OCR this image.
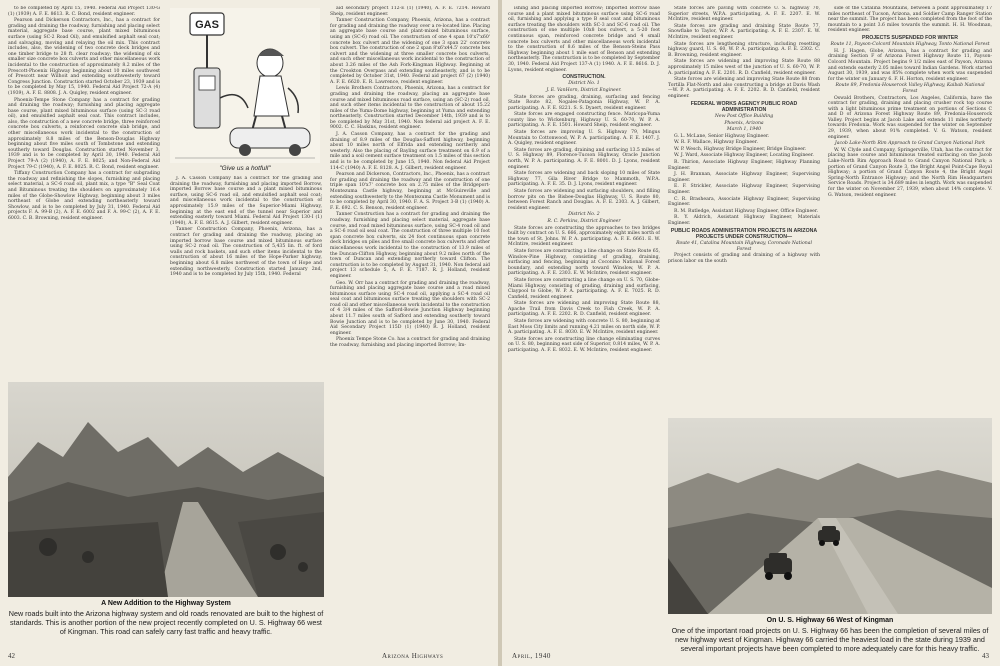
to be completed by April 15, 1940. Federal Aid Project 130-G (1) (1939) A. F. E. 8613. R. C. Bond, resident engineer.

Pearson and Dickerson Contractors, Inc., has a contract for grading and draining the roadway, furnishing and placing select material, aggregate base course, plant mixed bituminous surface (using SC-2 Road Oil), and emulsified asphalt seal coat; and salvaging, moving and relaying the oil mix. This contract includes, also, the widening of two concrete deck bridges and one timber bridge to 28 ft. clear roadway; the widening of six smaller size concrete box culverts and other miscellaneous work incidental to the construction of approximately 8.2 miles of the Prescott-Phoenix Highway beginning about 10 miles southwest of Prescott near Wilhoit and extending southwesterly toward Congress Junction. Construction started October 23, 1939 and is to be completed by May 15, 1940. Federal Aid Project 72-A (4) (1939), A. F. E. 8808. J. A. Quigley, resident engineer.

Phoenix-Tempe Stone Company has a contract for grading and draining the roadway; furnishing and placing aggregate base course, plant mixed bituminous surface (using SC-3 road oil), and emulsified asphalt seal coat. This contract includes, also, the construction of a new concrete bridge, three reinforced concrete box culverts, a reinforced concrete slab bridge, and other miscellaneous work incidental to the construction of approximately 8.8 miles of the Benson-Douglas Highway beginning about five miles south of Tombstone and extending southerly toward Douglas. Construction started November 3, 1939 and is to be completed by April 30, 1940. Federal Aid Project 79-A (2) (1940), A. F. E. 8025; and Non-Federal Aid Project 79-C (1940), A. F. E. 8025. R. C. Bond, resident engineer.

Tiffany Construction Company has a contract for subgrading the roadway and refinishing the slopes, furnishing and placing select material, a SC-6 road oil, plant mix, a type "B" Seal Coat and Bituminous treating the shoulders on approximately 16.4 miles of the Globe-Showlow Highway, beginning about 3 miles northeast of Globe and extending northeasterly toward Showlow, and is to be completed by July 31, 1940. Federal Aid projects F. A. 99-B (2), A. F. E. 6002 and F. A. 99-C (2), A. F. E. 6003. C. B. Browning, resident engineer.

GAS
"Give us a hotfull"

J. A. Casson Company has a contract for the grading and draining the roadway, furnishing and placing imported Borrow, imported Borrow base course and a plant mixed bituminous surface, using SC-6 road oil, and emulsified asphalt seal coat; and miscellaneous work incidental to the construction of approximately 15.9 miles of the Superior-Miami Highway, beginning at the east end of the tunnel near Superior and extending easterly toward Miami. Federal Aid Project 130-I (1) (1940), A. F. E. 8615. A. J. Gilbert, resident engineer.

Tanner Construction Company, Phoenix, Arizona, has a contract for grading and draining the roadway, placing an imported borrow base course and mixed bituminous surface using SC-2 road oil. The construction of 5,435 lin. ft. of ford walls and rock baskets, and such other items incidental to the construction of about 16 miles of the Hope-Parker highway, beginning about 6.8 miles northwest of the town of Hope and extending northwesterly. Construction started January 2nd, 1940 and is to be completed by July 15th, 1940. Federal

aid secondary project 112-E (1) (1940), A. F. E. 7214. Howard Sheip, resident engineer.

Tanner Construction Company, Phoenix, Arizona, has a contract for grading and draining the roadway over a re-located line. Placing an aggregate base course and plant-mixed bituminous surface, using an (SC-6) road oil. The construction of one 4 span 10'x7'x60' concrete box culvert and the widening of one 3 span 22' concrete box culvert. The construction of one 2 span 8'x6'x44.5' concrete box culvert and the widening at three smaller concrete box culverts, and such other miscellaneous work incidental to the construction of about 3.26 miles of the Ash Fork-Kingman Highway. Beginning at the Crookton Overpass and extending southeasterly, and is to be completed by October 31st, 1940. Federal aid project 67 (2) (1940) A. F. E. 6620. E. R. Lawrence, resident engineer.

Lewis Brothers Contractors, Phoenix, Arizona, has a contract for grading and draining the roadway, placing an aggregate base course and mixed bituminous road surface, using an (SC-2) road oil, and such other items incidental to the construction of about 15.22 miles of the Yuma-Dome highway, beginning at Yuma and extending northeasterly. Construction started December 14th, 1939 and is to be completed by May 31st, 1940. Non federal aid project A. F. E. 9002. C. C. Haskins, resident engineer.

J. A. Casson Company, has a contract for the grading and draining of 8.9 miles of the Douglas-Safford highway, beginning about 10 miles north of Elfrida and extending northerly and westerly. Also the placing of Bayling surface treatment on 6.9 of a mile and a soil cement surface treatment on 1.5 miles of this section and is to be completed by June 15, 1940. Non federal Aid Project 114-C (1940) A. F. E. 8128. A. J. Gilbert, resident engineer.

Pearson and Dickerson, Contractors, Inc., Phoenix, has a contract for grading and draining the roadway and the construction of one triple span 10'x7' concrete box on 2.75 miles of the Bridgeport-Montezuma Castle highway, beginning at McGuireville and extending southwesterly to the Montezuma Castle Monument and is to be completed by April 30, 1940. F. A. S. Project 3-B (1) (1940) A. F. E. 692. C. S. Benson, resident engineer.

Tanner Construction has a contract for grading and draining the roadway, furnishing and placing select material, aggregate base course, and road mixed bituminous surface, using SC-4 road oil and a SC-6 road oil seal coat. The construction of three multiple 10 foot span concrete box culverts, six 24 foot continuous span concrete deck bridges on piles and five small concrete box culverts and other miscellaneous work incidental to the construction of 13.9 miles of the Duncan-Clifton Highway, beginning about 9.2 miles north of the town of Duncan and extending northerly toward Clifton. The construction is to be completed by August 31, 1940. Non federal aid project 13 schedule 5, A. F. E. 7187. R. J. Holland, resident engineer.

Geo. W. Orr has a contract for grading and draining the roadway, furnishing and placing aggregate base course and a road mixed bituminous surface using SC-4 road oil, applying a SC-4 road oil seal coat and bituminous surface treating the shoulders with SC-2 road oil and other miscellaneous work incidental to the construction of 4 3/4 miles of the Safford-Bowie Junction Highway beginning about 11.7 miles south of Safford and extending southerly toward Bowie Junction and is to be completed by June 30, 1940. Federal Aid Secondary Project 115D (1) (1940) R. J. Holland, resident engineer.

Phoenix Tempe Stone Co. has a contract for grading and draining the roadway, furnishing and placing imported Borrow; Im-

A New Addition to the Highway System
New roads built into the Arizona highway system and old roads renovated are built to the highest of standards. This is another portion of the new project recently completed on U. S. Highway 66 west of Kingman. This road can safely carry fast traffic and heavy traffic.
42	Arizona Highways

ishing and placing imported Borrow; Imported Borrow base course and a plant mixed bituminous surface using SC-6 road oil, furnishing and applying a type B seal coat and bituminous surface treating the shoulders with SC-3 and SC-6 road oil. The construction of one multiple 10x8 box culvert, a 5-20 foot continuous span, reinforced concrete bridge and 4 small concrete box culverts and other miscellaneous work incidental to the construction of 8.6 miles of the Benson-Steins Pass Highway beginning about 1 mile east of Benson and extending northeasterly. The construction is to be completed by September 30, 1940. Federal Aid Project 137-A (1) 1940. A. F. E. 8616. D. J. Lyons, resident engineer.

CONSTRUCTION.

District No. 1

J. E. VanHorn, District Engineer.

State forces are grading, draining, surfacing and fencing State Route 82, Nogales-Patagonia Highway, W. P. A. participating. A. F. E. 8221. S. S. Dyaert, resident engineer.

State forces are engaged constructing fence. Maricopa-Yuma county line to Wickenburg, Highway U. S. 60-70, W. P. A. participating. A. F. E. 1501. Howard Sheip, resident engineer.

State forces are improving U. S. Highway 79, Mingus Mountain to Cottonwood, W. P. A. participating. A. F. E. 1407. J. A. Quigley, resident engineer.

State forces are grading, draining and surfacing 13.5 miles of U. S. Highway 89, Florence-Tucson Highway, Oracle Junction north, W. P. A. participating. A. F. E. 8001. D. J. Lyons, resident engineer.

State forces are widening and back sloping 10 miles of State Highway 77, Gila River Bridge to Mammoth, W.P.A. participating. A. F. E. 35. D. J. Lyons, resident engineer.

State forces are widening and surfacing shoulders, and filling borrow pits on the Bisbee-Douglas Highway, U. S. Route 80, between Forest Ranch and Douglas. A. F. E. 2303. A. J. Gilbert, resident engineer.

District No. 2

R. C. Perkins, District Engineer

State forces are constructing the approaches to two bridges built by contract on U. S. 666, approximately eight miles north of the town of St. Johns. W. P. A. participating. A. F. E. 6661. E. W. McIntire, resident engineer.

State forces are constructing a line change on State Route 65, Winslow-Pine Highway, consisting of grading, draining, surfacing and fencing, beginning at Coconino National Forest boundary, and extending north toward Winslow, W. P. A. participating. A. F. E. 2303. E. W. McIntire, resident engineer.

State forces are constructing a line change on U. S. 70, Globe-Miami Highway, consisting of grading, draining and surfacing, Claypool to Globe, W. P. A. participating. A. F. E. 7025. R. D. Canfield, resident engineer.

State forces are widening and improving State Route 88, Apache Trail from Davis Creek to Fish Creek, W. P. A. participating. A. F. E. 2202. R. D. Canfield, resident engineer.

State forces are widening with concrete U. S. 80, beginning at East Moss City limits and running 4.21 miles on north side, W. P. A. participating. A. F. E. 8030. E. W. McIntire, resident engineer.

State forces are constructing line change eliminating curves on U. S. 80, beginning east side of Superior, 0.814 miles, W. P. A. participating. A. F. E. 8032. E. W. McIntire, resident engineer.

State forces are paving with concrete U. S. highway 70, Superior streets, W.P.A. participating, A. F. E. 2207. E. W. McIntire, resident engineer.

State forces are grading and draining State Route 77, Snowflake to Taylor, W.P. A. participating. A. F. E. 2307. E. W. McIntire, resident engineer.

State forces are lengthening structure, including resetting highway guard, U. S. 60, W. P. A. participating. A. F. E. 2302. C. B. Browning, resident engineer.

State forces are widening and improving State Route 88 approximately 15 miles west of the junction of U. S. 60-70, W. P. A. participating A. F. E. 2201. R. D. Canfield, resident engineer.

State forces are widening and improving State Route 88 from Tortilla Flat-North and also constructing a bridge at Davis Wash—W. P. A. participating. A. F. E. 2202. R. D. Canfield, resident engineer.

FEDERAL WORKS AGENCY PUBLIC ROAD ADMINISTRATION

New Post Office Building

Phoenix, Arizona

March 1, 1940

G. L. McLane, Senior Highway Engineer.

W. R. F. Wallace, Highway Engineer.

W. P. Wesch, Highway Bridge Engineer, Bridge Engineer.

W. J. Ward, Associate Highway Engineer, Locating Engineer.

R. Thirion, Associate Highway Engineer, Highway Planning Engineer.

J. H. Brannan, Associate Highway Engineer, Supervising Engineer.

E. F. Strickler, Associate Highway Engineer, Supervising Engineer.

C. R. Brasheara, Associate Highway Engineer, Supervising Engineer.

R. M. Rutledge, Assistant Highway Engineer, Office Engineer.

R. Y. Aldrich, Assistant Highway Engineer, Materials Engineer.

PUBLIC ROADS ADMINISTRATION PROJECTS IN ARIZONA PROJECTS UNDER CONSTRUCTION—

Route 41, Catalina Mountain Highway, Coronado National Forest

Project consists of grading and draining of a highway with prison labor on the south

side of the Catalina Mountains, between a point approximately 17 miles northeast of Tucson, Arizona, and Soldier Camp Ranger Station near the summit. The project has been completed from the foot of the mountain to a point 3.6 miles towards the summit. H. H. Woodman, resident engineer.

PROJECTS SUSPENDED FOR WINTER

Route 11, Payson-Colcord Mountain Highway, Tonto National Forest

H. J. Hagen, Globe, Arizona, has a contract for grading and draining Section F of Arizona Forest Highway Route 11, Payson-Colcord Mountain. Project begins 9 1/2 miles east of Payson, Arizona and extends easterly 2.05 miles toward Indian Gardens. Work started August 30, 1939, and was 85% complete when work was suspended for the winter on January 6. F. H. Horton, resident engineer.

Route 89, Fredonia-Houserock Valley Highway, Kaibab National Forest

Oswald Brothers, Contractors, Los Angeles, California, have the contract for grading, draining and placing crusher rock top course with a light bituminous prime treatment on portions of Sections C and D of Arizona Forest Highway Route 89, Fredonia-Houserock Valley. Project begins at Jacob Lake and extends 11 miles northerly towards Fredonia. Work was suspended for the winter on September 29, 1939, when about 91% completed. V. G. Watson, resident engineer.

Jacob Lake-North Rim Approach to Grand Canyon National Park

W. W. Clyde and Company, Springerville, Utah, has the contract for placing base course and bituminous treated surfacing on the Jacob Lake-North Rim Approach Road to Grand Canyon National Park; a portion of Grand Canyon Route 3, the Bright Angel Point-Cape Royal Highway; a portion of Grand Canyon Route 4, the Bright Angel Spring-North Entrance Highway; and the North Rim Headquarters Service Roads. Project is 34.689 miles in length. Work was suspended for the winter on November 27, 1939, when about 14% complete. V. G. Watson, resident engineer.

On U. S. Highway 66 West of Kingman
One of the important road projects on U. S. Highway 66 has been the completion of several miles of new highway west of Kingman. Highway 66 carried the heaviest load in the state during 1939 and several important projects have been completed to more adequately care for this heavy traffic.
April, 1940	43
